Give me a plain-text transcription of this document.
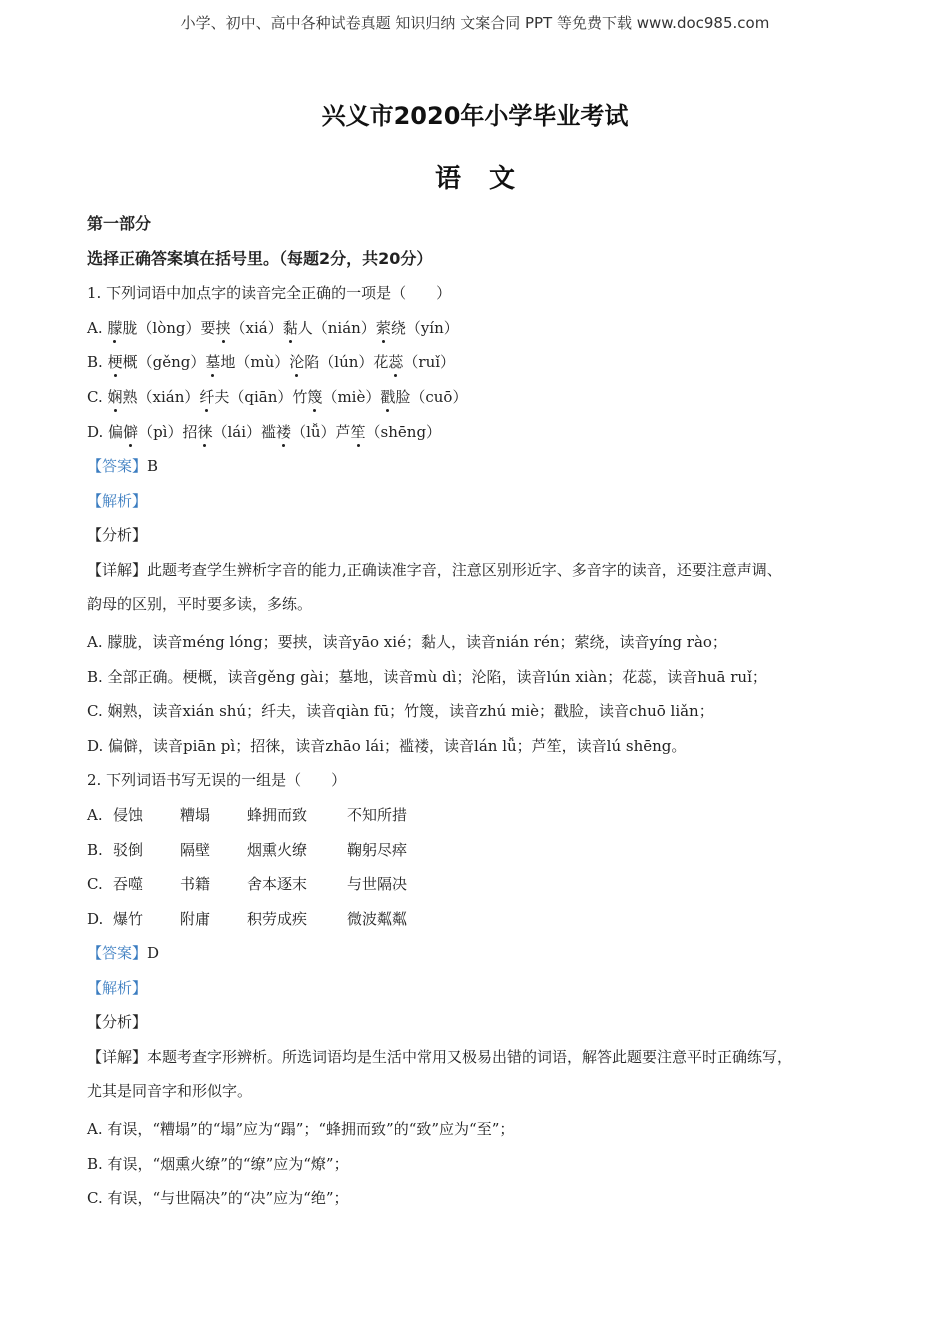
小学、初中、高中各种试卷真题 知识归纳 文案合同 PPT 等免费下载 www.doc985.com
兴义市2020年小学毕业考试
语文
第一部分
选择正确答案填在括号里。（每题2分，共20分）
1. 下列词语中加点字的读音完全正确的一项是（　　）
A. 朦胧（lòng）要挟（xiá）黏人（nián）萦绕（yín）
B. 梗概（gěng）墓地（mù）沦陷（lún）花蕊（ruǐ）
C. 娴熟（xián）纤夫（qiān）竹篾（miè）戳脸（cuō）
D. 偏僻（pì）招徕（lái）褴褛（lǚ）芦笙（shēng）
【答案】B
【解析】
【分析】
【详解】此题考查学生辨析字音的能力,正确读准字音，注意区别形近字、多音字的读音，还要注意声调、
韵母的区别，平时要多读，多练。
A. 朦胧，读音méng lóng；要挟，读音yāo xié；黏人，读音nián rén；萦绕，读音yíng rào；
B. 全部正确。梗概，读音gěng gài；墓地，读音mù dì；沦陷，读音lún xiàn；花蕊，读音huā ruǐ；
C. 娴熟，读音xián shú；纤夫，读音qiàn fū；竹篾，读音zhú miè；戳脸，读音chuō liǎn；
D. 偏僻，读音piān pì；招徕，读音zhāo lái；褴褛，读音lán lǚ；芦笙，读音lú shēng。
2. 下列词语书写无误的一组是（　　）
A. 侵蚀 糟塌 蜂拥而致	不知所措
B. 驳倒 隔壁 烟熏火缭	鞠躬尽瘁
C. 吞噬 书籍 舍本逐末	与世隔决
D. 爆竹 附庸 积劳成疾	微波粼粼
【答案】D
【解析】
【分析】
【详解】本题考查字形辨析。所选词语均是生活中常用又极易出错的词语，解答此题要注意平时正确练写，
尤其是同音字和形似字。
A. 有误，“糟塌”的“塌”应为“蹋”；“蜂拥而致”的“致”应为“至”；
B. 有误，“烟熏火缭”的“缭”应为“燎”；
C. 有误，“与世隔决”的“决”应为“绝”；
